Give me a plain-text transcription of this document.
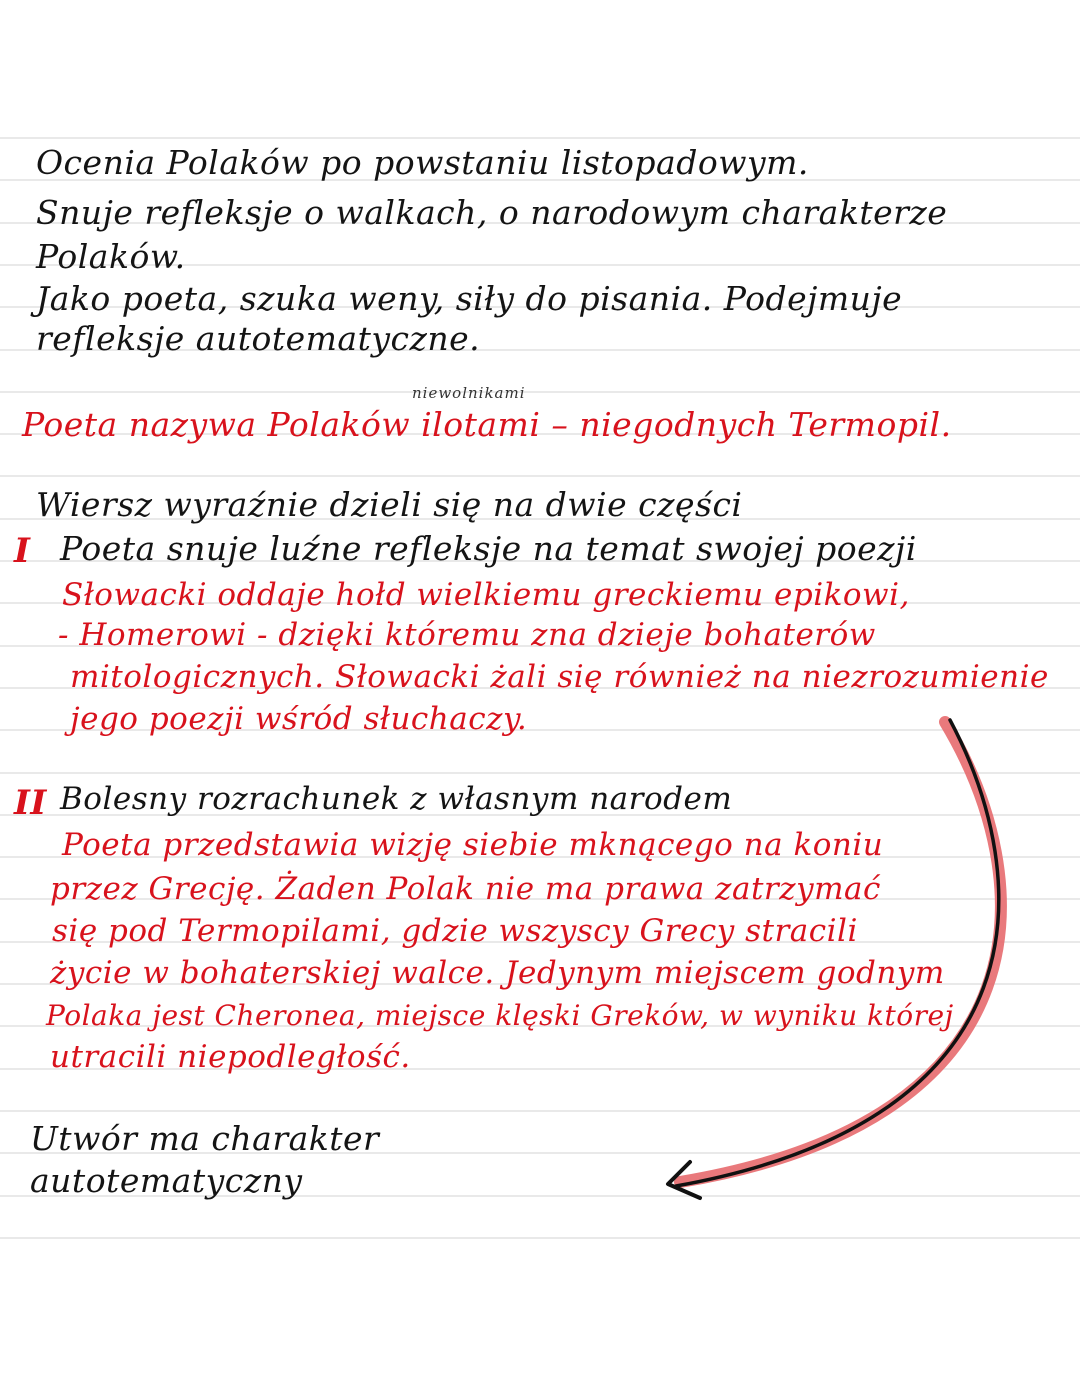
Ocenia Polaków po powstaniu listopadowym.
Snuje refleksje o walkach, o narodowym charakterze
Polaków.
Jako poeta, szuka weny, siły do pisania. Podejmuje
refleksje autotematyczne.
niewolnikami
Poeta nazywa Polaków ilotami – niegodnych Termopil.
Wiersz wyraźnie dzieli się na dwie części
I Poeta snuje luźne refleksje na temat swojej poezji
Słowacki oddaje hołd wielkiemu greckiemu epikowi,
- Homerowi - dzięki któremu zna dzieje bohaterów
mitologicznych. Słowacki żali się również na niezrozumienie
jego poezji wśród słuchaczy.
II Bolesny rozrachunek z własnym narodem
Poeta przedstawia wizję siebie mknącego na koniu
przez Grecję. Żaden Polak nie ma prawa zatrzymać
się pod Termopilami, gdzie wszyscy Grecy stracili
życie w bohaterskiej walce. Jedynym miejscem godnym
Polaka jest Cheronea, miejsce klęski Greków, w wyniku której
utracili niepodległość.
Utwór ma charakter
autotematyczny
